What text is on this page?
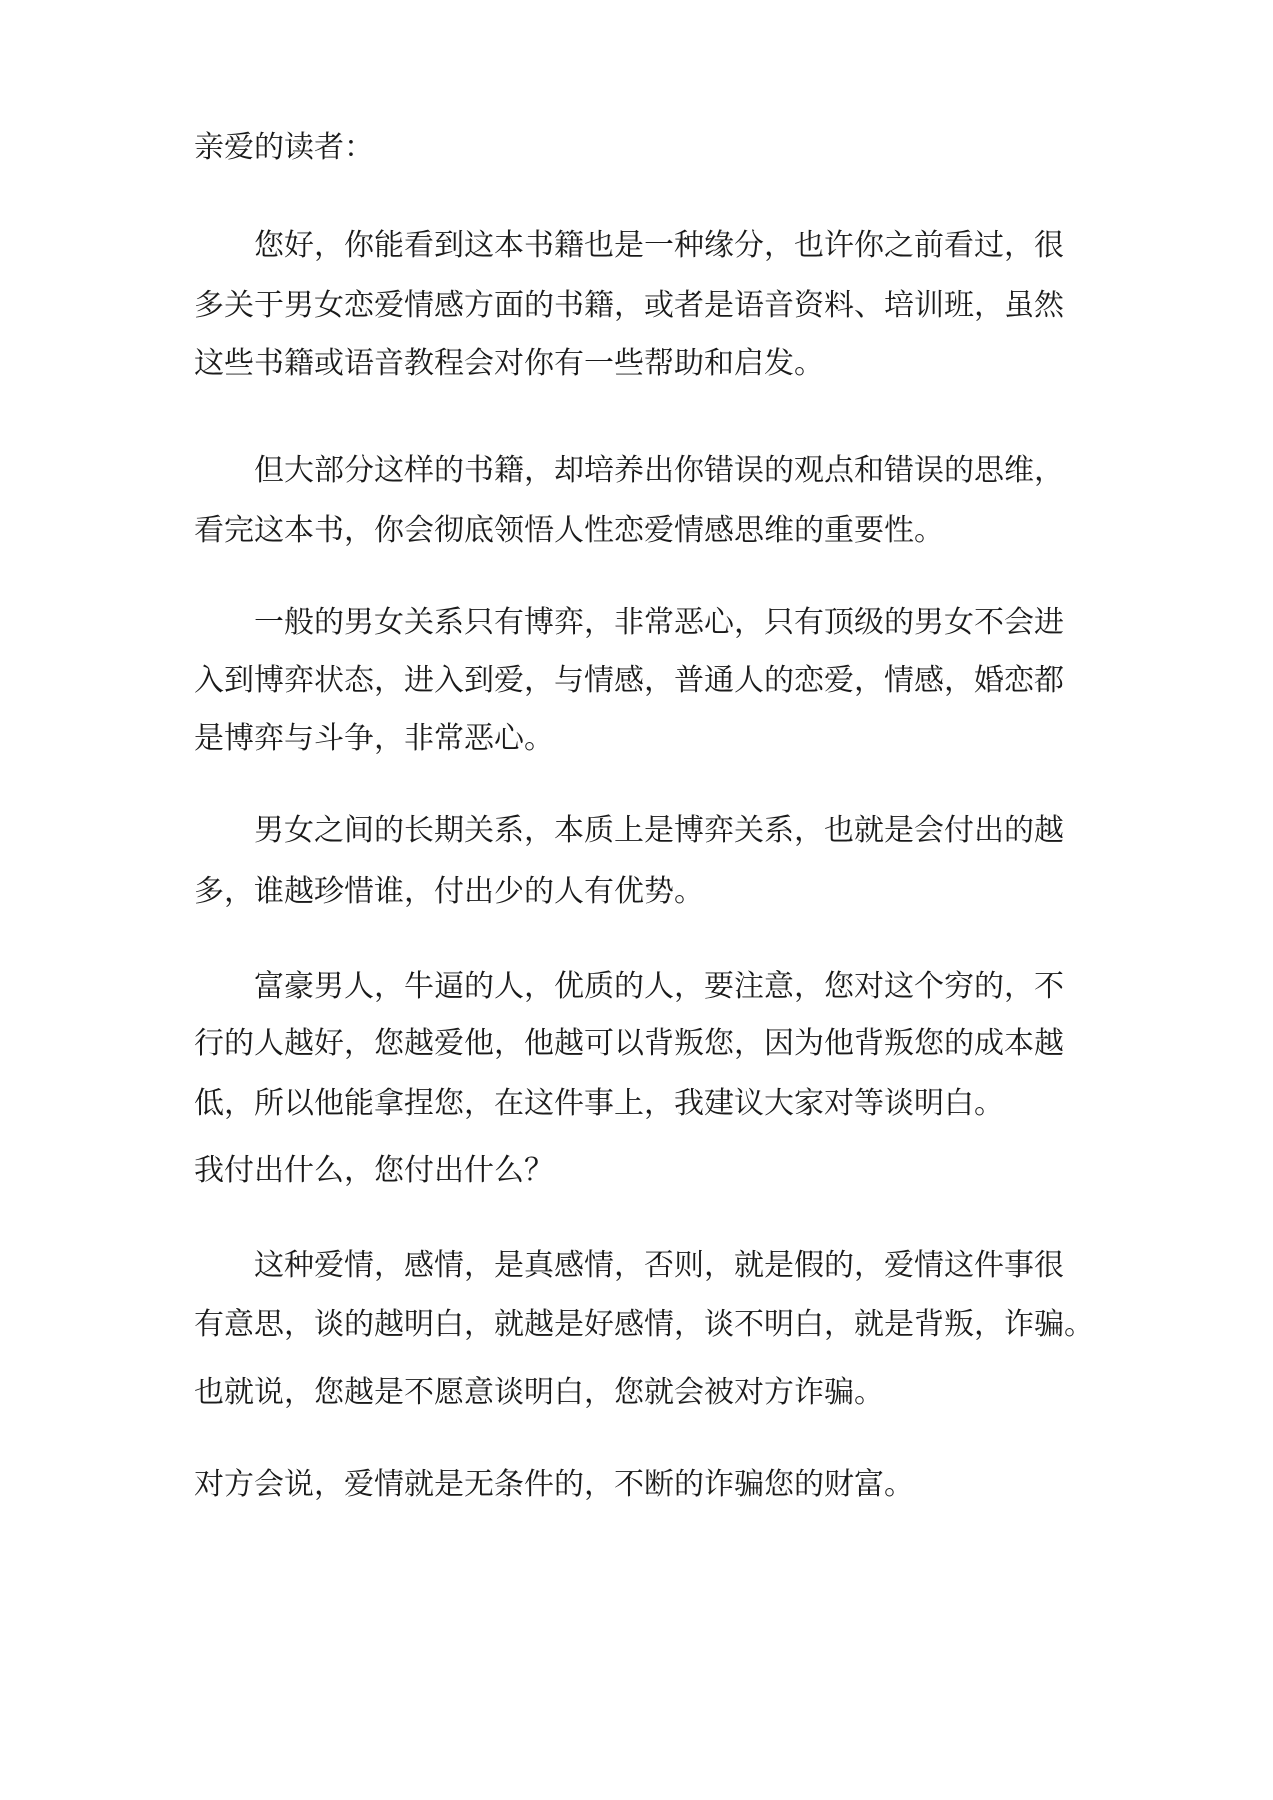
亲爱的读者：
您好，你能看到这本书籍也是一种缘分，也许你之前看过，很
多关于男女恋爱情感方面的书籍，或者是语音资料、培训班，虽然
这些书籍或语音教程会对你有一些帮助和启发。
但大部分这样的书籍，却培养出你错误的观点和错误的思维，
看完这本书，你会彻底领悟人性恋爱情感思维的重要性。
一般的男女关系只有博弈，非常恶心，只有顶级的男女不会进
入到博弈状态，进入到爱，与情感，普通人的恋爱，情感，婚恋都
是博弈与斗争，非常恶心。
男女之间的长期关系，本质上是博弈关系，也就是会付出的越
多，谁越珍惜谁，付出少的人有优势。
富豪男人，牛逼的人，优质的人，要注意，您对这个穷的，不
行的人越好，您越爱他，他越可以背叛您，因为他背叛您的成本越
低，所以他能拿捏您，在这件事上，我建议大家对等谈明白。
我付出什么，您付出什么？
这种爱情，感情，是真感情，否则，就是假的，爱情这件事很
有意思，谈的越明白，就越是好感情，谈不明白，就是背叛，诈骗。
也就说，您越是不愿意谈明白，您就会被对方诈骗。
对方会说，爱情就是无条件的，不断的诈骗您的财富。
